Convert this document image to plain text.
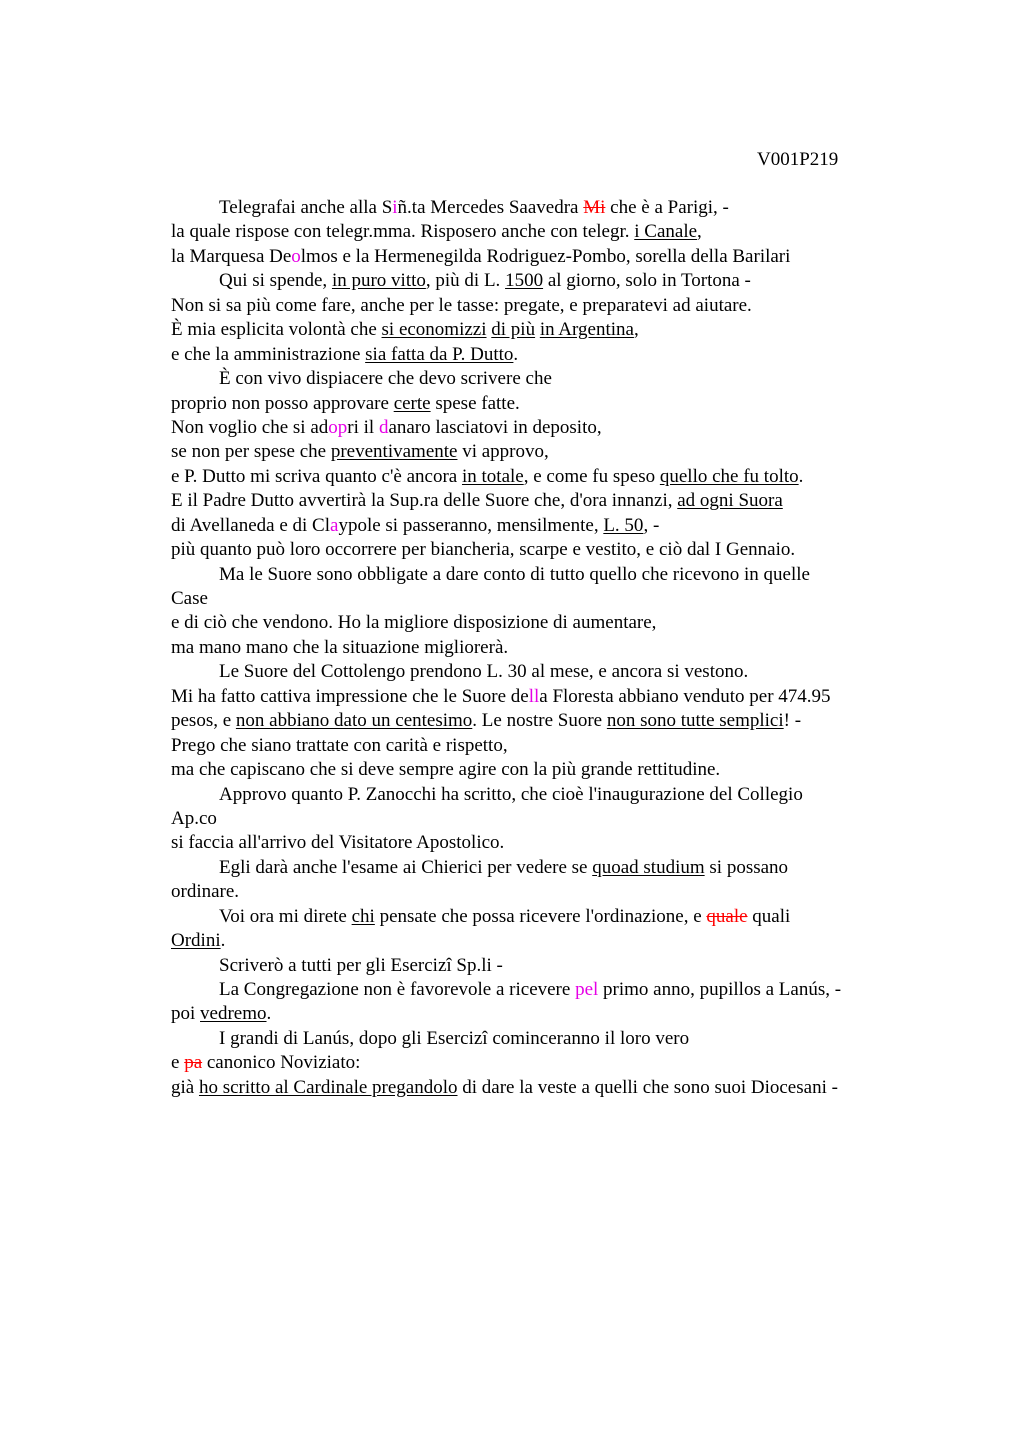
V001P219
Telegrafai anche alla Siñ.ta Mercedes Saavedra Mi che è a Parigi, -
la quale rispose con telegr.mma. Risposero anche con telegr. i Canale,
la Marquesa Deolmos e la Hermenegilda Rodriguez-Pombo, sorella della Barilari
Qui si spende, in puro vitto, più di L. 1500 al giorno, solo in Tortona -
Non si sa più come fare, anche per le tasse: pregate, e preparatevi ad aiutare.
È mia esplicita volontà che si economizzi di più in Argentina,
e che la amministrazione sia fatta da P. Dutto.
È con vivo dispiacere che devo scrivere che
proprio non posso approvare certe spese fatte.
Non voglio che si adopri il danaro lasciatovi in deposito,
se non per spese che preventivamente vi approvo,
e P. Dutto mi scriva quanto c'è ancora in totale, e come fu speso quello che fu tolto.
E il Padre Dutto avvertirà la Sup.ra delle Suore che, d'ora innanzi, ad ogni Suora
di Avellaneda e di Claypole si passeranno, mensilmente, L. 50, -
più quanto può loro occorrere per biancheria, scarpe e vestito, e ciò dal I Gennaio.
Ma le Suore sono obbligate a dare conto di tutto quello che ricevono in quelle
Case
e di ciò che vendono. Ho la migliore disposizione di aumentare,
ma mano mano che la situazione migliorerà.
Le Suore del Cottolengo prendono L. 30 al mese, e ancora si vestono.
Mi ha fatto cattiva impressione che le Suore della Floresta abbiano venduto per 474.95
pesos, e non abbiano dato un centesimo. Le nostre Suore non sono tutte semplici! -
Prego che siano trattate con carità e rispetto,
ma che capiscano che si deve sempre agire con la più grande rettitudine.
Approvo quanto P. Zanocchi ha scritto, che cioè l'inaugurazione del Collegio
Ap.co
si faccia all'arrivo del Visitatore Apostolico.
Egli darà anche l'esame ai Chierici per vedere se quoad studium si possano
ordinare.
Voi ora mi direte chi pensate che possa ricevere l'ordinazione, e quale quali
Ordini.
Scriverò a tutti per gli Esercizî Sp.li -
La Congregazione non è favorevole a ricevere pel primo anno, pupillos a Lanús, -
poi vedremo.
I grandi di Lanús, dopo gli Esercizî cominceranno il loro vero
e pa canonico Noviziato:
già ho scritto al Cardinale pregandolo di dare la veste a quelli che sono suoi Diocesani -
